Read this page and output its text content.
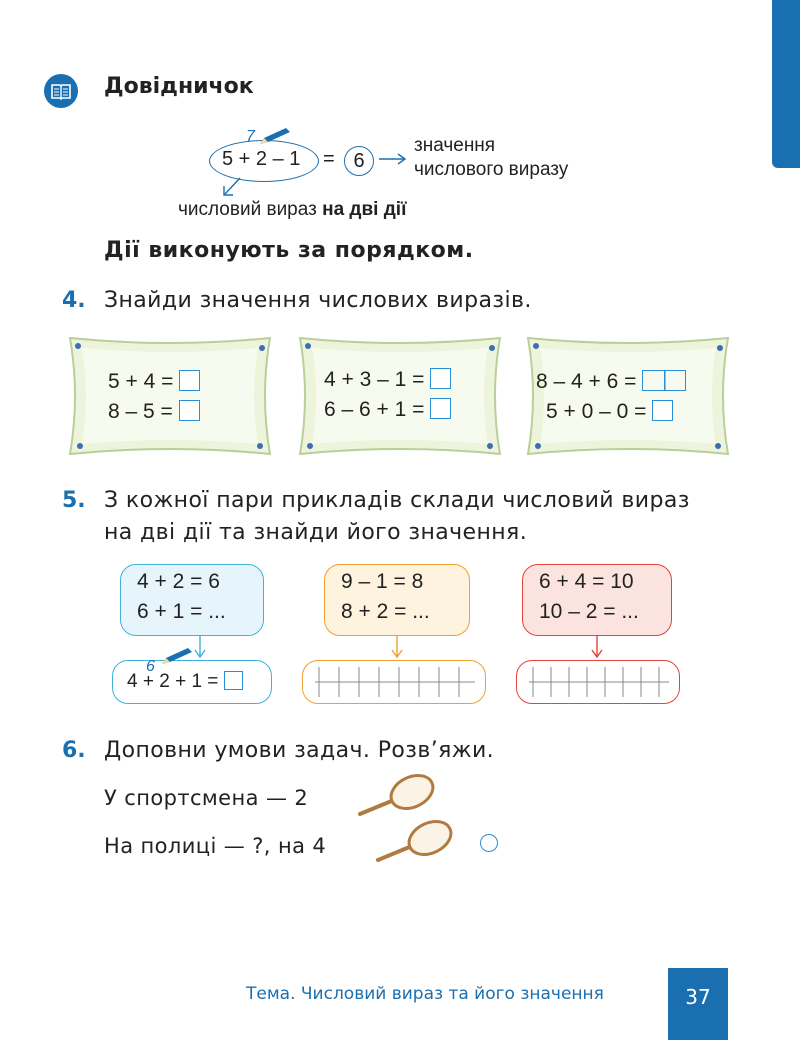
Довідничок
5 + 2 – 1
7
= 6
значення
числового виразу
числовий вираз на дві дії
Дії виконують за порядком.
4. Знайди значення числових виразів.
5 + 4 =
8 – 5 =
4 + 3 – 1 =
6 – 6 + 1 =
8 – 4 + 6 =
5 + 0 – 0 =
5. З кожної пари прикладів склади числовий вираз
на дві дії та знайди його значення.
4 + 2 = 6
6 + 1 = ...
9 – 1 = 8
8 + 2 = ...
6 + 4 = 10
10 – 2 = ...
4 + 2 + 1 =
6
6. Доповни умови задач. Розв’яжи.
У спортсмена — 2
На полиці — ?, на 4
Тема. Числовий вираз та його значення	37
